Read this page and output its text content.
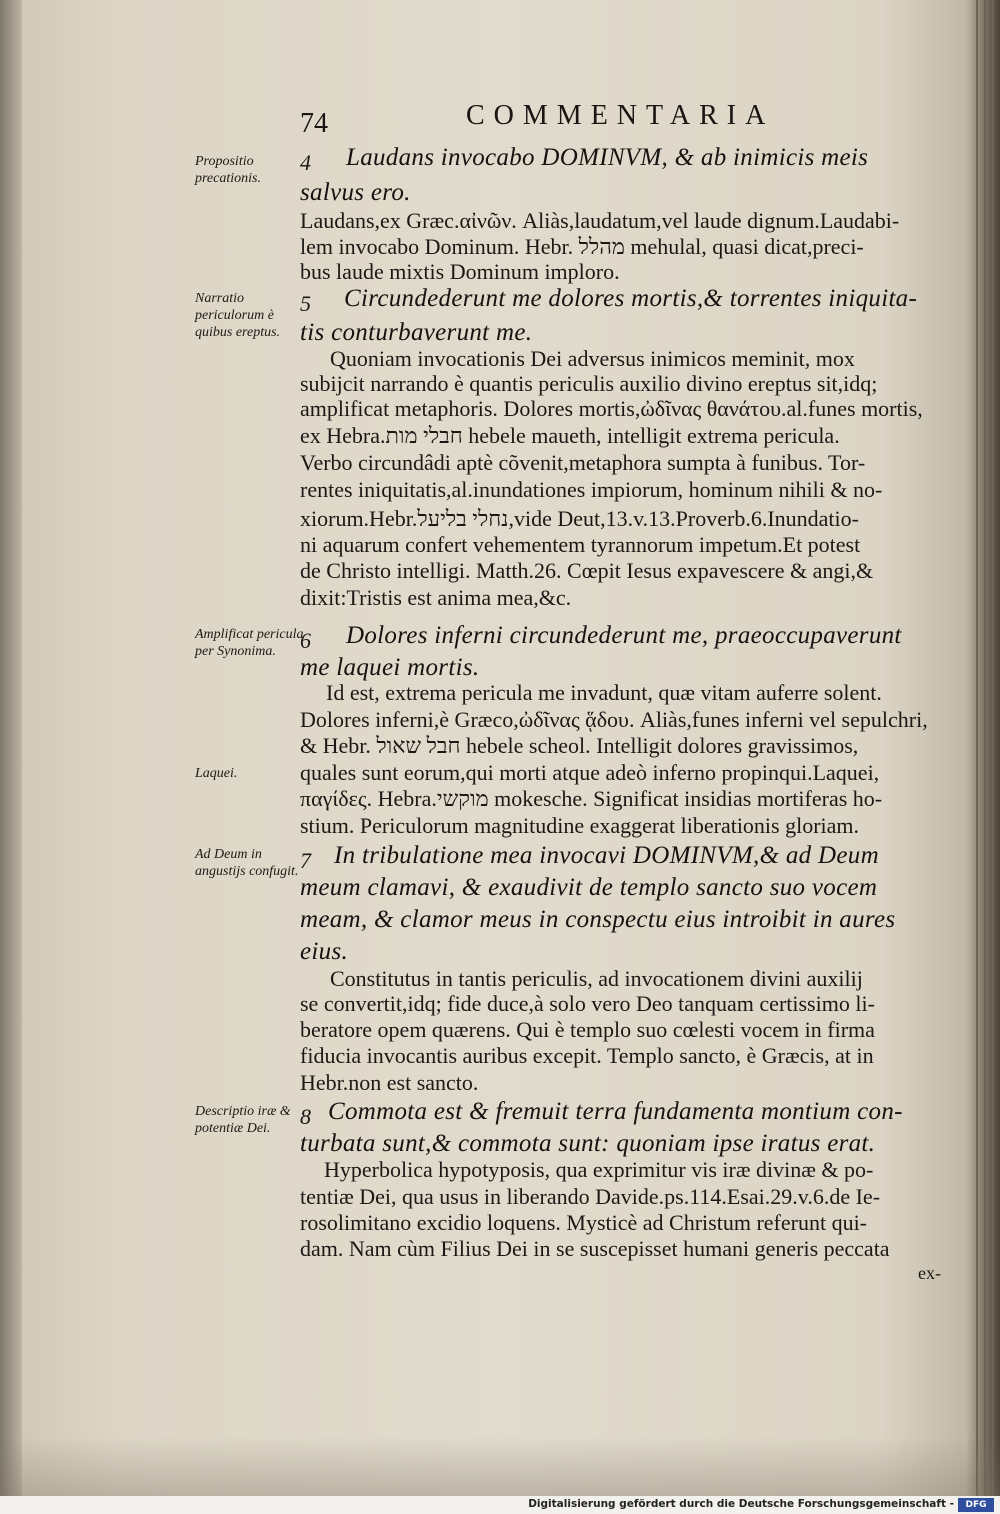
74	COMMENTARIA
4 Laudans invocabo DOMINVM, & ab inimicis meis
salvus ero.
Laudans,ex Græc.αἰνῶν. Aliàs,laudatum,vel laude dignum.Laudabi-
lem invocabo Dominum. Hebr. מהלל mehulal, quasi dicat,preci-
bus laude mixtis Dominum imploro.
5 Circundederunt me dolores mortis,& torrentes iniquita-
tis conturbaverunt me.
Quoniam invocationis Dei adversus inimicos meminit, mox
subijcit narrando è quantis periculis auxilio divino ereptus sit,idq;
amplificat metaphoris. Dolores mortis,ὠδῖνας θανάτου.al.funes mortis,
ex Hebra.חבלי מות hebele maueth, intelligit extrema pericula.
Verbo circundâdi aptè cõvenit,metaphora sumpta à funibus. Tor-
rentes iniquitatis,al.inundationes impiorum, hominum nihili & no-
xiorum.Hebr.נחלי בליעל,vide Deut,13.v.13.Proverb.6.Inundatio-
ni aquarum confert vehementem tyrannorum impetum.Et potest
de Christo intelligi. Matth.26. Cœpit Iesus expavescere & angi,&
dixit:Tristis est anima mea,&c.
6 Dolores inferni circundederunt me, praeoccupaverunt
me laquei mortis.
Id est, extrema pericula me invadunt, quæ vitam auferre solent.
Dolores inferni,è Græco,ὠδῖνας ᾅδου. Aliàs,funes inferni vel sepulchri,
& Hebr. חבל שאול hebele scheol. Intelligit dolores gravissimos,
quales sunt eorum,qui morti atque adeò inferno propinqui.Laquei,
παγίδες. Hebra.מוקשי mokesche. Significat insidias mortiferas ho-
stium. Periculorum magnitudine exaggerat liberationis gloriam.
7 In tribulatione mea invocavi DOMINVM,& ad Deum
meum clamavi, & exaudivit de templo sancto suo vocem
meam, & clamor meus in conspectu eius introibit in aures
eius.
Constitutus in tantis periculis, ad invocationem divini auxilij
se convertit,idq; fide duce,à solo vero Deo tanquam certissimo li-
beratore opem quærens. Qui è templo suo cœlesti vocem in firma
fiducia invocantis auribus excepit. Templo sancto, è Græcis, at in
Hebr.non est sancto.
8 Commota est & fremuit terra fundamenta montium con-
turbata sunt,& commota sunt: quoniam ipse iratus erat.
Hyperbolica hypotyposis, qua exprimitur vis iræ divinæ & po-
tentiæ Dei, qua usus in liberando Davide.ps.114.Esai.29.v.6.de Ie-
rosolimitano excidio loquens. Mysticè ad Christum referunt qui-
dam. Nam cùm Filius Dei in se suscepisset humani generis peccata
ex-
Propositio precationis.
Narratio periculorum è quibus ereptus.
Amplificat pericula per Synonima.
Laquei.
Ad Deum in angustijs confugit.
Descriptio iræ & potentiæ Dei.
Digitalisierung gefördert durch die Deutsche Forschungsgemeinschaft -	DFG
